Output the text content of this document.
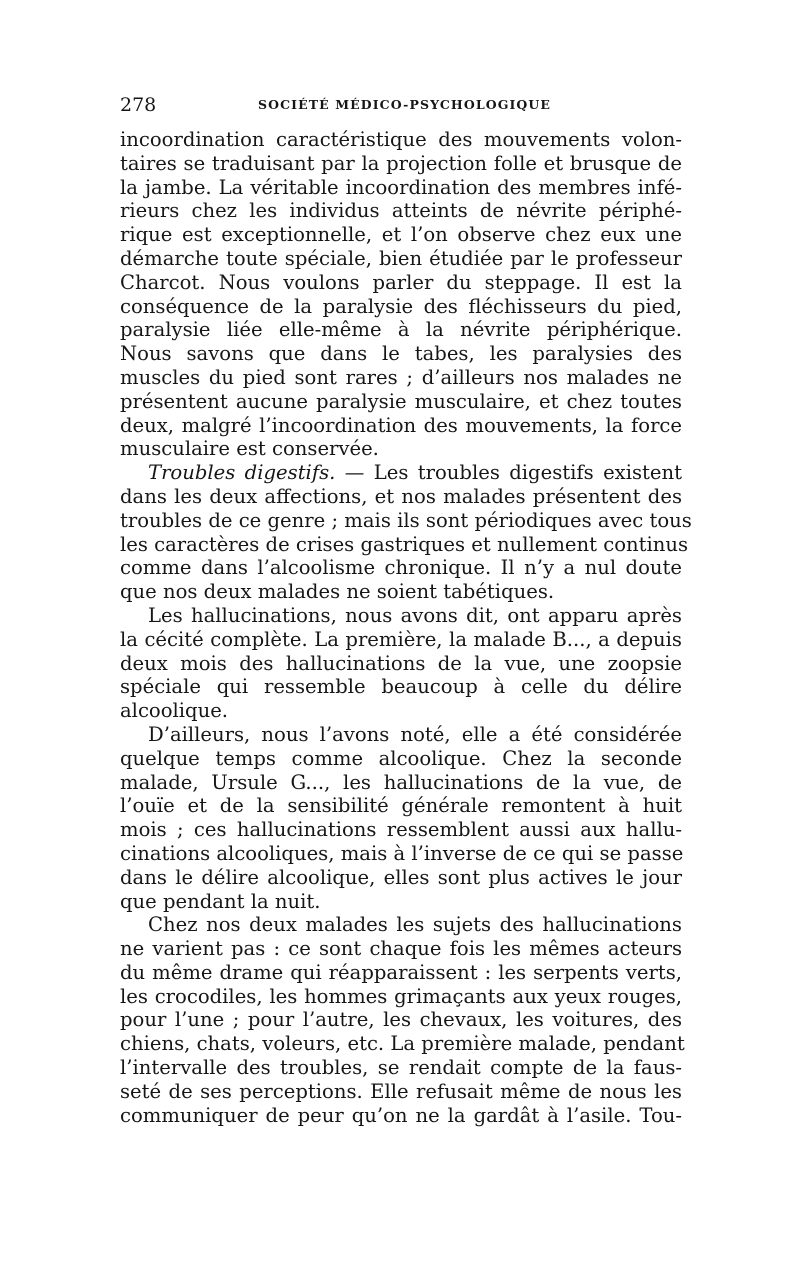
278	SOCIÉTÉ MÉDICO-PSYCHOLOGIQUE

incoordination caractéristique des mouvements volon-
taires se traduisant par la projection folle et brusque de
la jambe. La véritable incoordination des membres infé-
rieurs chez les individus atteints de névrite périphé-
rique est exceptionnelle, et l’on observe chez eux une
démarche toute spéciale, bien étudiée par le professeur
Charcot. Nous voulons parler du steppage. Il est la
conséquence de la paralysie des fléchisseurs du pied,
paralysie liée elle-même à la névrite périphérique.
Nous savons que dans le tabes, les paralysies des
muscles du pied sont rares ; d’ailleurs nos malades ne
présentent aucune paralysie musculaire, et chez toutes
deux, malgré l’incoordination des mouvements, la force
musculaire est conservée.

Troubles digestifs. — Les troubles digestifs existent
dans les deux affections, et nos malades présentent des
troubles de ce genre ; mais ils sont périodiques avec tous
les caractères de crises gastriques et nullement continus
comme dans l’alcoolisme chronique. Il n’y a nul doute
que nos deux malades ne soient tabétiques.

Les hallucinations, nous avons dit, ont apparu après
la cécité complète. La première, la malade B..., a depuis
deux mois des hallucinations de la vue, une zoopsie
spéciale qui ressemble beaucoup à celle du délire
alcoolique.

D’ailleurs, nous l’avons noté, elle a été considérée
quelque temps comme alcoolique. Chez la seconde
malade, Ursule G..., les hallucinations de la vue, de
l’ouïe et de la sensibilité générale remontent à huit
mois ; ces hallucinations ressemblent aussi aux hallu-
cinations alcooliques, mais à l’inverse de ce qui se passe
dans le délire alcoolique, elles sont plus actives le jour
que pendant la nuit.

Chez nos deux malades les sujets des hallucinations
ne varient pas : ce sont chaque fois les mêmes acteurs
du même drame qui réapparaissent : les serpents verts,
les crocodiles, les hommes grimaçants aux yeux rouges,
pour l’une ; pour l’autre, les chevaux, les voitures, des
chiens, chats, voleurs, etc. La première malade, pendant
l’intervalle des troubles, se rendait compte de la faus-
seté de ses perceptions. Elle refusait même de nous les
communiquer de peur qu’on ne la gardât à l’asile. Tou-
